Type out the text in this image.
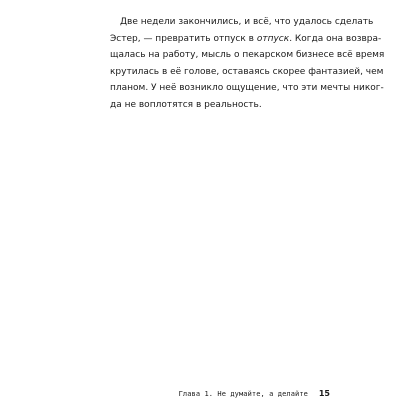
Две недели закончились, и всё, что удалось сделать
Эстер, — превратить отпуск в отпуск. Когда она возвра-
щалась на работу, мысль о пекарском бизнесе всё время
крутилась в её голове, оставаясь скорее фантазией, чем
планом. У неё возникло ощущение, что эти мечты никог-
да не воплотятся в реальность.

Глава 1. Не думайте, а делайте 15
